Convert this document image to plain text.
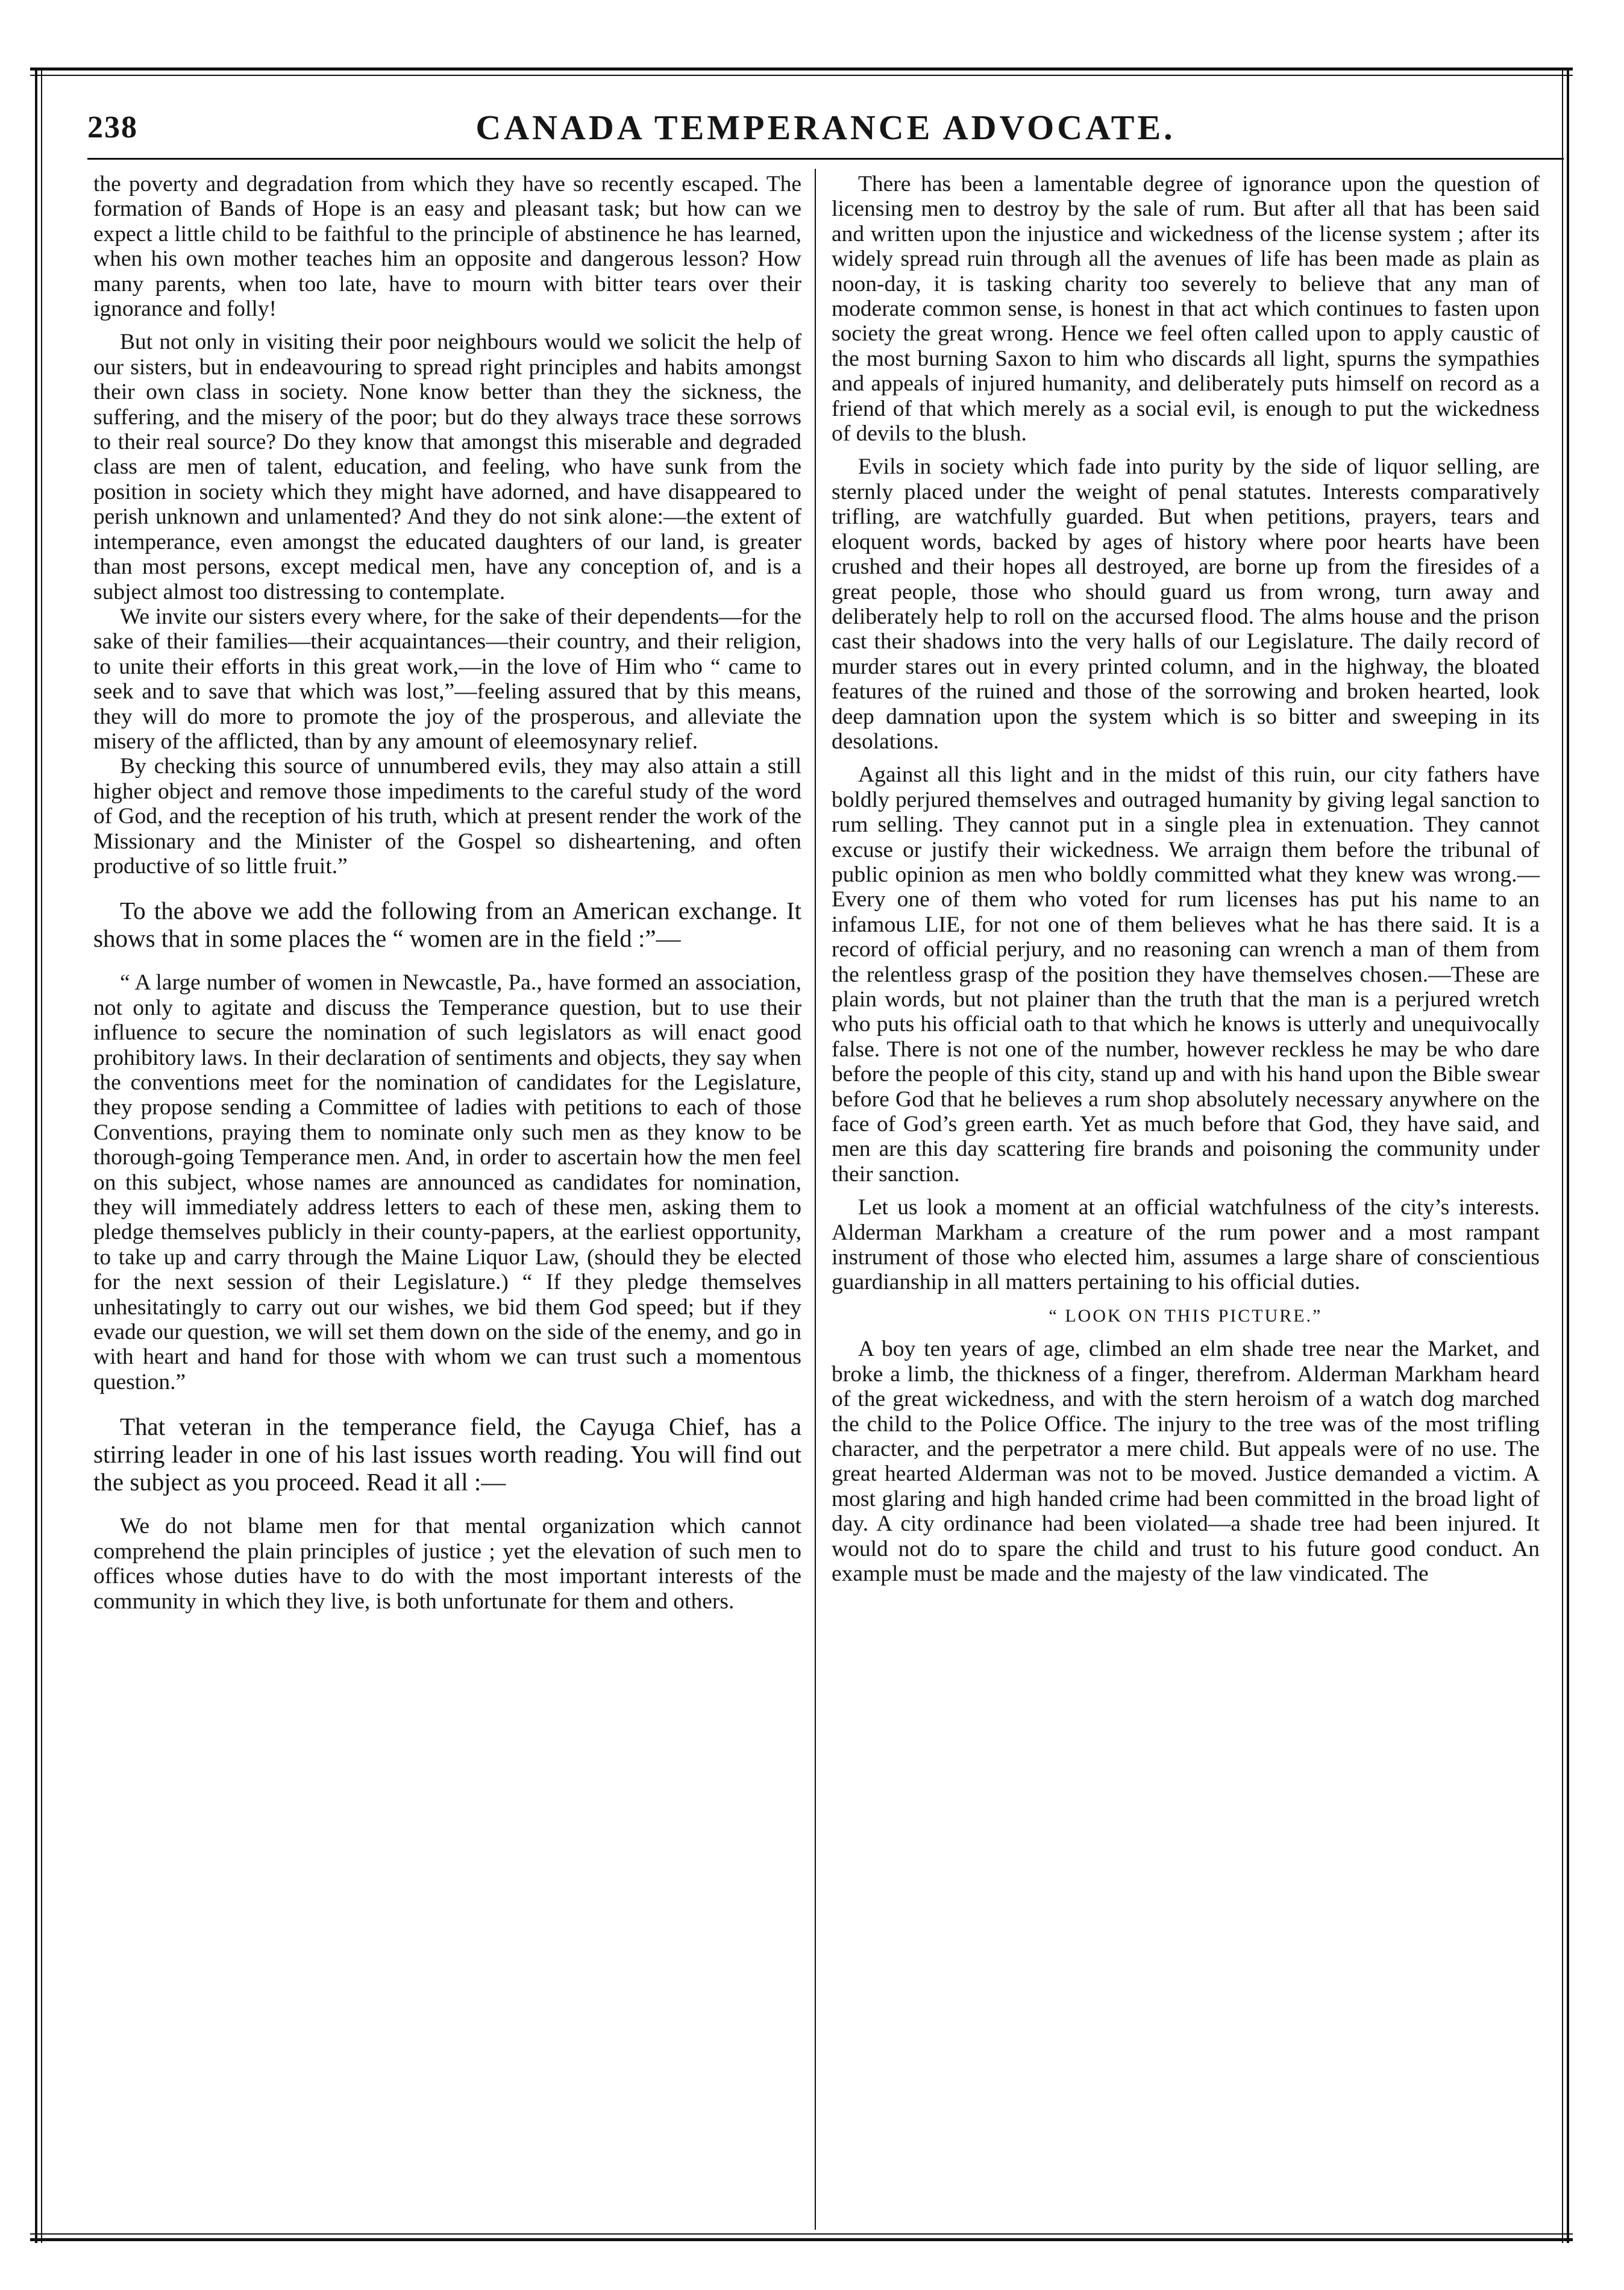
238	CANADA TEMPERANCE ADVOCATE.

the poverty and degradation from which they have so recently escaped. The formation of Bands of Hope is an easy and pleasant task; but how can we expect a little child to be faithful to the principle of abstinence he has learned, when his own mother teaches him an opposite and dangerous lesson? How many parents, when too late, have to mourn with bitter tears over their ignorance and folly!

But not only in visiting their poor neighbours would we solicit the help of our sisters, but in endeavouring to spread right principles and habits amongst their own class in society. None know better than they the sickness, the suffering, and the misery of the poor; but do they always trace these sorrows to their real source? Do they know that amongst this miserable and degraded class are men of talent, education, and feeling, who have sunk from the position in society which they might have adorned, and have disappeared to perish unknown and unlamented? And they do not sink alone:—the extent of intemperance, even amongst the educated daughters of our land, is greater than most persons, except medical men, have any conception of, and is a subject almost too distressing to contemplate.

We invite our sisters every where, for the sake of their dependents—for the sake of their families—their acquaintances—their country, and their religion, to unite their efforts in this great work,—in the love of Him who “ came to seek and to save that which was lost,”—feeling assured that by this means, they will do more to promote the joy of the prosperous, and alleviate the misery of the afflicted, than by any amount of eleemosynary relief.

By checking this source of unnumbered evils, they may also attain a still higher object and remove those impediments to the careful study of the word of God, and the reception of his truth, which at present render the work of the Missionary and the Minister of the Gospel so disheartening, and often productive of so little fruit.”

To the above we add the following from an American exchange. It shows that in some places the “ women are in the field :”—

“ A large number of women in Newcastle, Pa., have formed an association, not only to agitate and discuss the Temperance question, but to use their influence to secure the nomination of such legislators as will enact good prohibitory laws. In their declaration of sentiments and objects, they say when the conventions meet for the nomination of candidates for the Legislature, they propose sending a Committee of ladies with petitions to each of those Conventions, praying them to nominate only such men as they know to be thorough-going Temperance men. And, in order to ascertain how the men feel on this subject, whose names are announced as candidates for nomination, they will immediately address letters to each of these men, asking them to pledge themselves publicly in their county-papers, at the earliest opportunity, to take up and carry through the Maine Liquor Law, (should they be elected for the next session of their Legislature.) “ If they pledge themselves unhesitatingly to carry out our wishes, we bid them God speed; but if they evade our question, we will set them down on the side of the enemy, and go in with heart and hand for those with whom we can trust such a momentous question.”

That veteran in the temperance field, the Cayuga Chief, has a stirring leader in one of his last issues worth reading. You will find out the subject as you proceed. Read it all :—

We do not blame men for that mental organization which cannot comprehend the plain principles of justice ; yet the elevation of such men to offices whose duties have to do with the most important interests of the community in which they live, is both unfortunate for them and others.

There has been a lamentable degree of ignorance upon the question of licensing men to destroy by the sale of rum. But after all that has been said and written upon the injustice and wickedness of the license system ; after its widely spread ruin through all the avenues of life has been made as plain as noon-day, it is tasking charity too severely to believe that any man of moderate common sense, is honest in that act which continues to fasten upon society the great wrong. Hence we feel often called upon to apply caustic of the most burning Saxon to him who discards all light, spurns the sympathies and appeals of injured humanity, and deliberately puts himself on record as a friend of that which merely as a social evil, is enough to put the wickedness of devils to the blush.

Evils in society which fade into purity by the side of liquor selling, are sternly placed under the weight of penal statutes. Interests comparatively trifling, are watchfully guarded. But when petitions, prayers, tears and eloquent words, backed by ages of history where poor hearts have been crushed and their hopes all destroyed, are borne up from the firesides of a great people, those who should guard us from wrong, turn away and deliberately help to roll on the accursed flood. The alms house and the prison cast their shadows into the very halls of our Legislature. The daily record of murder stares out in every printed column, and in the highway, the bloated features of the ruined and those of the sorrowing and broken hearted, look deep damnation upon the system which is so bitter and sweeping in its desolations.

Against all this light and in the midst of this ruin, our city fathers have boldly perjured themselves and outraged humanity by giving legal sanction to rum selling. They cannot put in a single plea in extenuation. They cannot excuse or justify their wickedness. We arraign them before the tribunal of public opinion as men who boldly committed what they knew was wrong.—Every one of them who voted for rum licenses has put his name to an infamous LIE, for not one of them believes what he has there said. It is a record of official perjury, and no reasoning can wrench a man of them from the relentless grasp of the position they have themselves chosen.—These are plain words, but not plainer than the truth that the man is a perjured wretch who puts his official oath to that which he knows is utterly and unequivocally false. There is not one of the number, however reckless he may be who dare before the people of this city, stand up and with his hand upon the Bible swear before God that he believes a rum shop absolutely necessary anywhere on the face of God’s green earth. Yet as much before that God, they have said, and men are this day scattering fire brands and poisoning the community under their sanction.

Let us look a moment at an official watchfulness of the city’s interests. Alderman Markham a creature of the rum power and a most rampant instrument of those who elected him, assumes a large share of conscientious guardianship in all matters pertaining to his official duties.

“ LOOK ON THIS PICTURE.”

A boy ten years of age, climbed an elm shade tree near the Market, and broke a limb, the thickness of a finger, therefrom. Alderman Markham heard of the great wickedness, and with the stern heroism of a watch dog marched the child to the Police Office. The injury to the tree was of the most trifling character, and the perpetrator a mere child. But appeals were of no use. The great hearted Alderman was not to be moved. Justice demanded a victim. A most glaring and high handed crime had been committed in the broad light of day. A city ordinance had been violated—a shade tree had been injured. It would not do to spare the child and trust to his future good conduct. An example must be made and the majesty of the law vindicated. The
